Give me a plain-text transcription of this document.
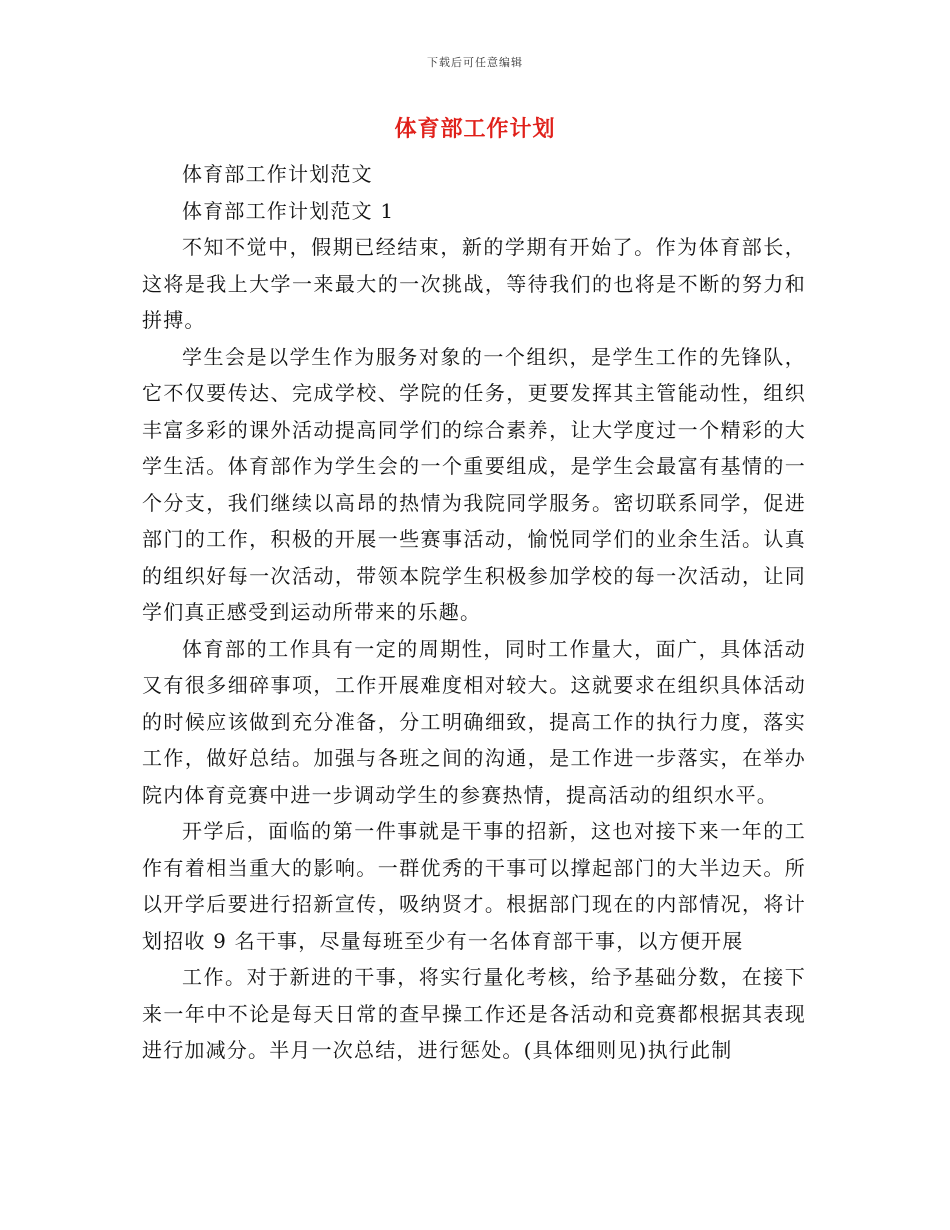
下载后可任意编辑
体育部工作计划

体育部工作计划范文

体育部工作计划范文 1

不知不觉中，假期已经结束，新的学期有开始了。作为体育部长，这将是我上大学一来最大的一次挑战，等待我们的也将是不断的努力和拼搏。

学生会是以学生作为服务对象的一个组织，是学生工作的先锋队，它不仅要传达、完成学校、学院的任务，更要发挥其主管能动性，组织丰富多彩的课外活动提高同学们的综合素养，让大学度过一个精彩的大学生活。体育部作为学生会的一个重要组成，是学生会最富有基情的一个分支，我们继续以高昂的热情为我院同学服务。密切联系同学，促进部门的工作，积极的开展一些赛事活动，愉悦同学们的业余生活。认真的组织好每一次活动，带领本院学生积极参加学校的每一次活动，让同学们真正感受到运动所带来的乐趣。

体育部的工作具有一定的周期性，同时工作量大，面广，具体活动又有很多细碎事项，工作开展难度相对较大。这就要求在组织具体活动的时候应该做到充分准备，分工明确细致，提高工作的执行力度，落实工作，做好总结。加强与各班之间的沟通，是工作进一步落实，在举办院内体育竞赛中进一步调动学生的参赛热情，提高活动的组织水平。

开学后，面临的第一件事就是干事的招新，这也对接下来一年的工作有着相当重大的影响。一群优秀的干事可以撑起部门的大半边天。所以开学后要进行招新宣传，吸纳贤才。根据部门现在的内部情况，将计划招收 9 名干事，尽量每班至少有一名体育部干事，以方便开展

工作。对于新进的干事，将实行量化考核，给予基础分数，在接下来一年中不论是每天日常的查早操工作还是各活动和竞赛都根据其表现进行加减分。半月一次总结，进行惩处。(具体细则见)执行此制
